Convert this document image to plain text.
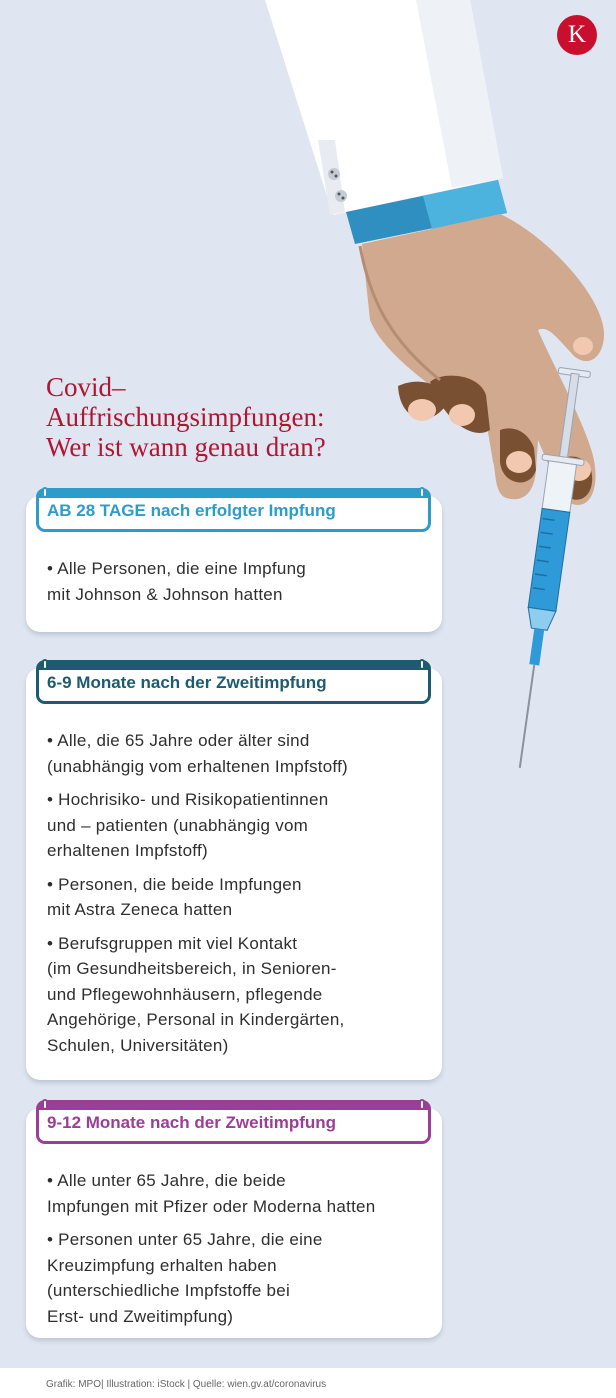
K
Covid–
Auffrischungsimpfungen:
Wer ist wann genau dran?
AB 28 TAGE nach erfolgter Impfung
• Alle Personen, die eine Impfung
mit Johnson & Johnson hatten
6-9 Monate nach der Zweitimpfung
• Alle, die 65 Jahre oder älter sind
(unabhängig vom erhaltenen Impfstoff)
• Hochrisiko- und Risikopatientinnen
und – patienten (unabhängig vom
erhaltenen Impfstoff)
• Personen, die beide Impfungen
mit Astra Zeneca hatten
• Berufsgruppen mit viel Kontakt
(im Gesundheitsbereich, in Senioren-
und Pflegewohnhäusern, pflegende
Angehörige, Personal in Kindergärten,
Schulen, Universitäten)
9-12 Monate nach der Zweitimpfung
• Alle unter 65 Jahre, die beide
Impfungen mit Pfizer oder Moderna hatten
• Personen unter 65 Jahre, die eine
Kreuzimpfung erhalten haben
(unterschiedliche Impfstoffe bei
Erst- und Zweitimpfung)
Grafik: MPO| Illustration: iStock | Quelle: wien.gv.at/coronavirus
